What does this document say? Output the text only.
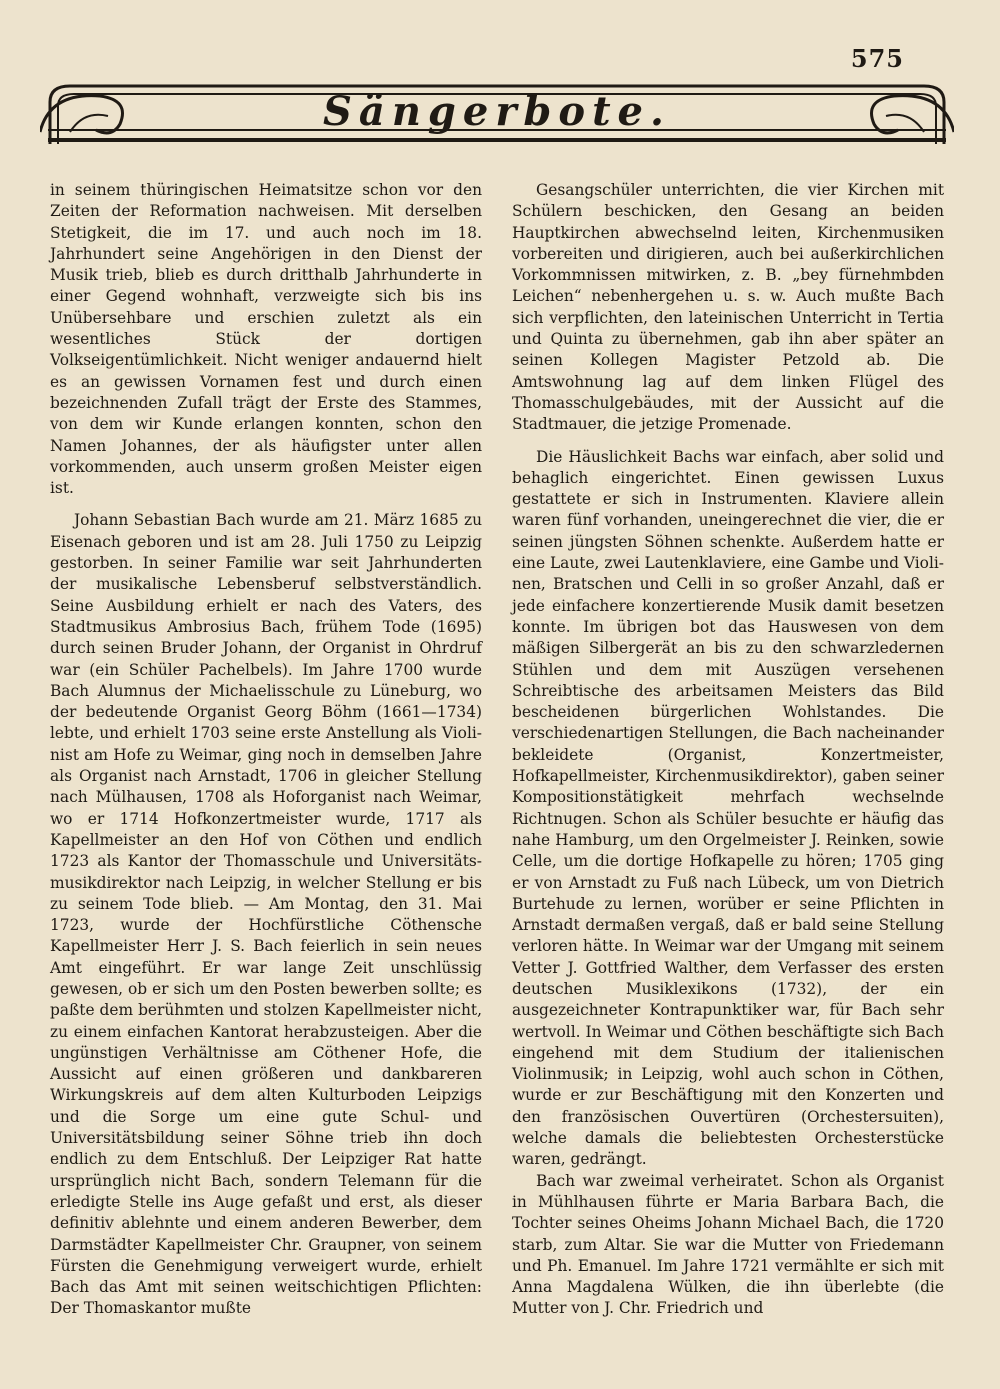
575
Sängerbote.

in seinem thüringischen Heimatsitze schon vor den Zeiten der Reformation nachweisen. Mit derselben Stetigkeit, die im 17. und auch noch im 18. Jahrhundert seine Angehörigen in den Dienst der Musik trieb, blieb es durch dritthalb Jahrhunderte in einer Gegend wohnhaft, verzweigte sich bis ins Unübersehbare und erschien zuletzt als ein wesentliches Stück der dortigen Volkseigentümlichkeit. Nicht weniger andauernd hielt es an gewissen Vornamen fest und durch einen bezeichnenden Zufall trägt der Erste des Stammes, von dem wir Kunde erlangen konnten, schon den Namen Johannes, der als häufigster unter allen vorkommenden, auch unserm großen Meister eigen ist.

Johann Sebastian Bach wurde am 21. März 1685 zu Eisenach geboren und ist am 28. Juli 1750 zu Leipzig gestorben. In seiner Familie war seit Jahrhunderten der musikalische Lebensberuf selbstverständlich. Seine Ausbildung erhielt er nach des Vaters, des Stadtmusikus Ambrosius Bach, frühem Tode (1695) durch seinen Bruder Johann, der Organist in Ohrdruf war (ein Schüler Pachelbels). Im Jahre 1700 wurde Bach Alumnus der Michaelisschule zu Lüneburg, wo der bedeutende Organist Georg Böhm (1661—1734) lebte, und erhielt 1703 seine erste Anstellung als Violinist am Hofe zu Weimar, ging noch in demselben Jahre als Organist nach Arnstadt, 1706 in gleicher Stellung nach Mülhausen, 1708 als Hoforganist nach Weimar, wo er 1714 Hofkonzertmeister wurde, 1717 als Kapellmeister an den Hof von Cöthen und endlich 1723 als Kantor der Thomasschule und Universitätsmusikdirektor nach Leipzig, in welcher Stellung er bis zu seinem Tode blieb. — Am Montag, den 31. Mai 1723, wurde der Hochfürstliche Cöthensche Kapellmeister Herr J. S. Bach feierlich in sein neues Amt eingeführt. Er war lange Zeit unschlüssig gewesen, ob er sich um den Posten bewerben sollte; es paßte dem berühmten und stolzen Kapellmeister nicht, zu einem einfachen Kantorat herabzusteigen. Aber die ungünstigen Verhältnisse am Cöthener Hofe, die Aussicht auf einen größeren und dankbareren Wirkungskreis auf dem alten Kulturboden Leipzigs und die Sorge um eine gute Schul- und Universitätsbildung seiner Söhne trieb ihn doch endlich zu dem Entschluß. Der Leipziger Rat hatte ursprünglich nicht Bach, sondern Telemann für die erledigte Stelle ins Auge gefaßt und erst, als dieser definitiv ablehnte und einem anderen Bewerber, dem Darmstädter Kapellmeister Chr. Graupner, von seinem Fürsten die Genehmigung verweigert wurde, erhielt Bach das Amt mit seinen weitschichtigen Pflichten: Der Thomaskantor mußte

Gesangschüler unterrichten, die vier Kirchen mit Schülern beschicken, den Gesang an beiden Hauptkirchen abwechselnd leiten, Kirchenmusiken vorbereiten und dirigieren, auch bei außerkirchlichen Vorkommnissen mitwirken, z. B. „bey fürnehmbden Leichen“ nebenhergehen u. s. w. Auch mußte Bach sich verpflichten, den lateinischen Unterricht in Tertia und Quinta zu übernehmen, gab ihn aber später an seinen Kollegen Magister Petzold ab. Die Amtswohnung lag auf dem linken Flügel des Thomasschulgebäudes, mit der Aussicht auf die Stadtmauer, die jetzige Promenade.

Die Häuslichkeit Bachs war einfach, aber solid und behaglich eingerichtet. Einen gewissen Luxus gestattete er sich in Instrumenten. Klaviere allein waren fünf vorhanden, uneingerechnet die vier, die er seinen jüngsten Söhnen schenkte. Außerdem hatte er eine Laute, zwei Lautenklaviere, eine Gambe und Violinen, Bratschen und Celli in so großer Anzahl, daß er jede einfachere konzertierende Musik damit besetzen konnte. Im übrigen bot das Hauswesen von dem mäßigen Silbergerät an bis zu den schwarzledernen Stühlen und dem mit Auszügen versehenen Schreibtische des arbeitsamen Meisters das Bild bescheidenen bürgerlichen Wohlstandes. Die verschiedenartigen Stellungen, die Bach nacheinander bekleidete (Organist, Konzertmeister, Hofkapellmeister, Kirchenmusikdirektor), gaben seiner Kompositionstätigkeit mehrfach wechselnde Richtnugen. Schon als Schüler besuchte er häufig das nahe Hamburg, um den Orgelmeister J. Reinken, sowie Celle, um die dortige Hofkapelle zu hören; 1705 ging er von Arnstadt zu Fuß nach Lübeck, um von Dietrich Burtehude zu lernen, worüber er seine Pflichten in Arnstadt dermaßen vergaß, daß er bald seine Stellung verloren hätte. In Weimar war der Umgang mit seinem Vetter J. Gottfried Walther, dem Verfasser des ersten deutschen Musiklexikons (1732), der ein ausgezeichneter Kontrapunktiker war, für Bach sehr wertvoll. In Weimar und Cöthen beschäftigte sich Bach eingehend mit dem Studium der italienischen Violinmusik; in Leipzig, wohl auch schon in Cöthen, wurde er zur Beschäftigung mit den Konzerten und den französischen Ouvertüren (Orchestersuiten), welche damals die beliebtesten Orchesterstücke waren, gedrängt.

Bach war zweimal verheiratet. Schon als Organist in Mühlhausen führte er Maria Barbara Bach, die Tochter seines Oheims Johann Michael Bach, die 1720 starb, zum Altar. Sie war die Mutter von Friedemann und Ph. Emanuel. Im Jahre 1721 vermählte er sich mit Anna Magdalena Wülken, die ihn überlebte (die Mutter von J. Chr. Friedrich und
